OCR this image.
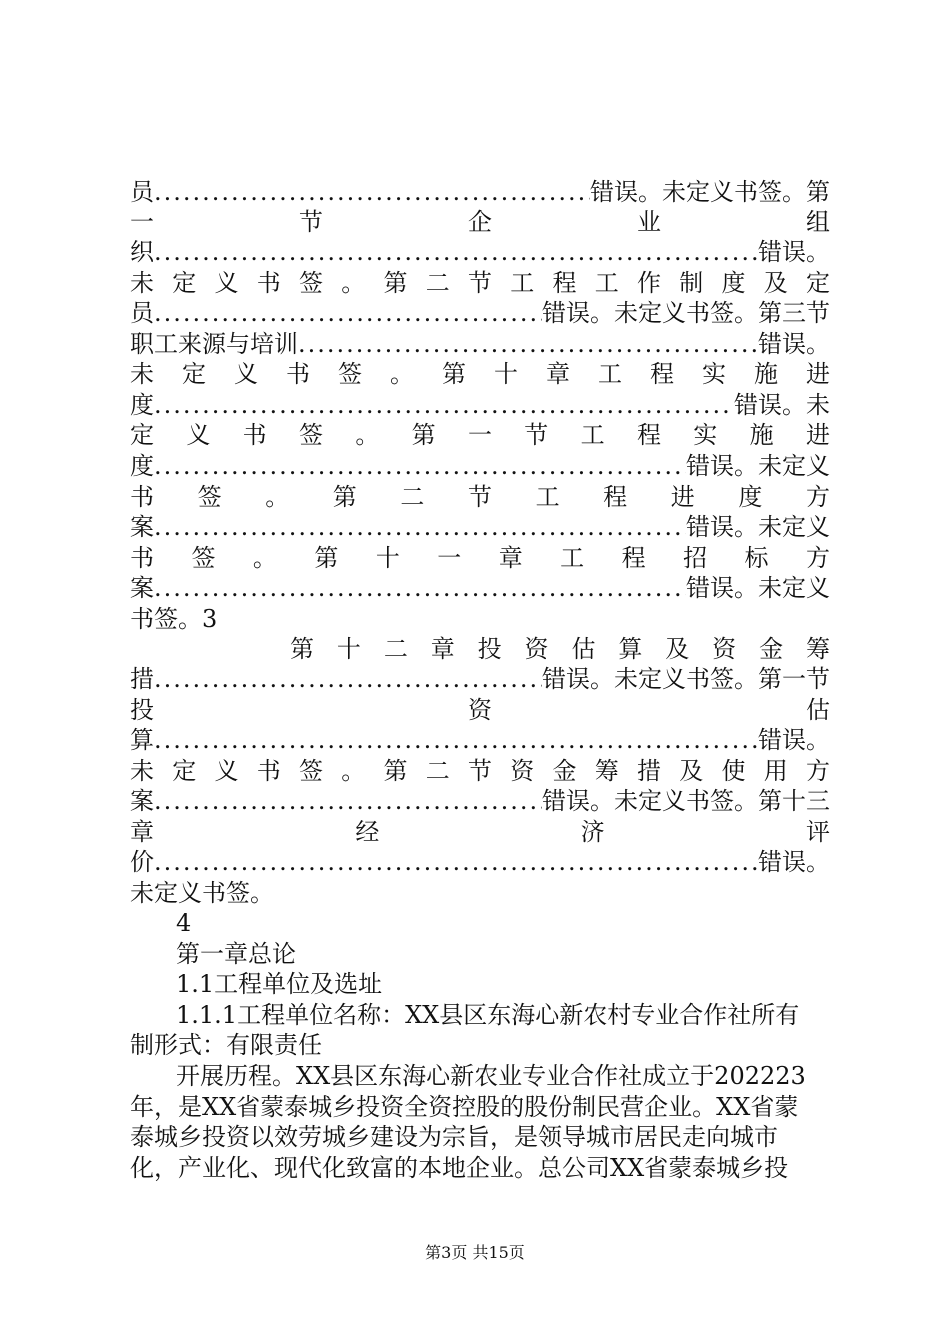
员 .....	错误。未定义书签。第
一	节	企	业	组
织 .....	错误。
未 定 义 书 签 。 第 二 节 工 程 工 作 制 度 及 定
员 .....	错误。未定义书签。第三节
职工来源与培训 .....	错误。
未 定 义 书 签 。 第 十 章 工 程 实 施 进
度 .....	错误。未
定 义 书 签 。 第 一 节 工 程 实 施 进
度 .....	错误。未定义
书 签 。 第 二 节 工 程 进 度 方
案 .....	错误。未定义
书 签 。 第 十 一 章 工 程 招 标 方
案 .....	错误。未定义
书签。3
第 十 二 章 投 资 估 算 及 资 金 筹
措 .....	错误。未定义书签。第一节
投	资	估
算 .....	错误。
未 定 义 书 签 。 第 二 节 资 金 筹 措 及 使 用 方
案 .....	错误。未定义书签。第十三
章	经	济	评
价 .....	错误。
未定义书签。
4
第一章总论
1.1工程单位及选址
1.1.1工程单位名称：XX县区东海心新农村专业合作社所有
制形式：有限责任
开展历程。XX县区东海心新农业专业合作社成立于202223
年，是XX省蒙泰城乡投资全资控股的股份制民营企业。XX省蒙
泰城乡投资以效劳城乡建设为宗旨，是领导城市居民走向城市
化，产业化、现代化致富的本地企业。总公司XX省蒙泰城乡投
第3页 共15页
